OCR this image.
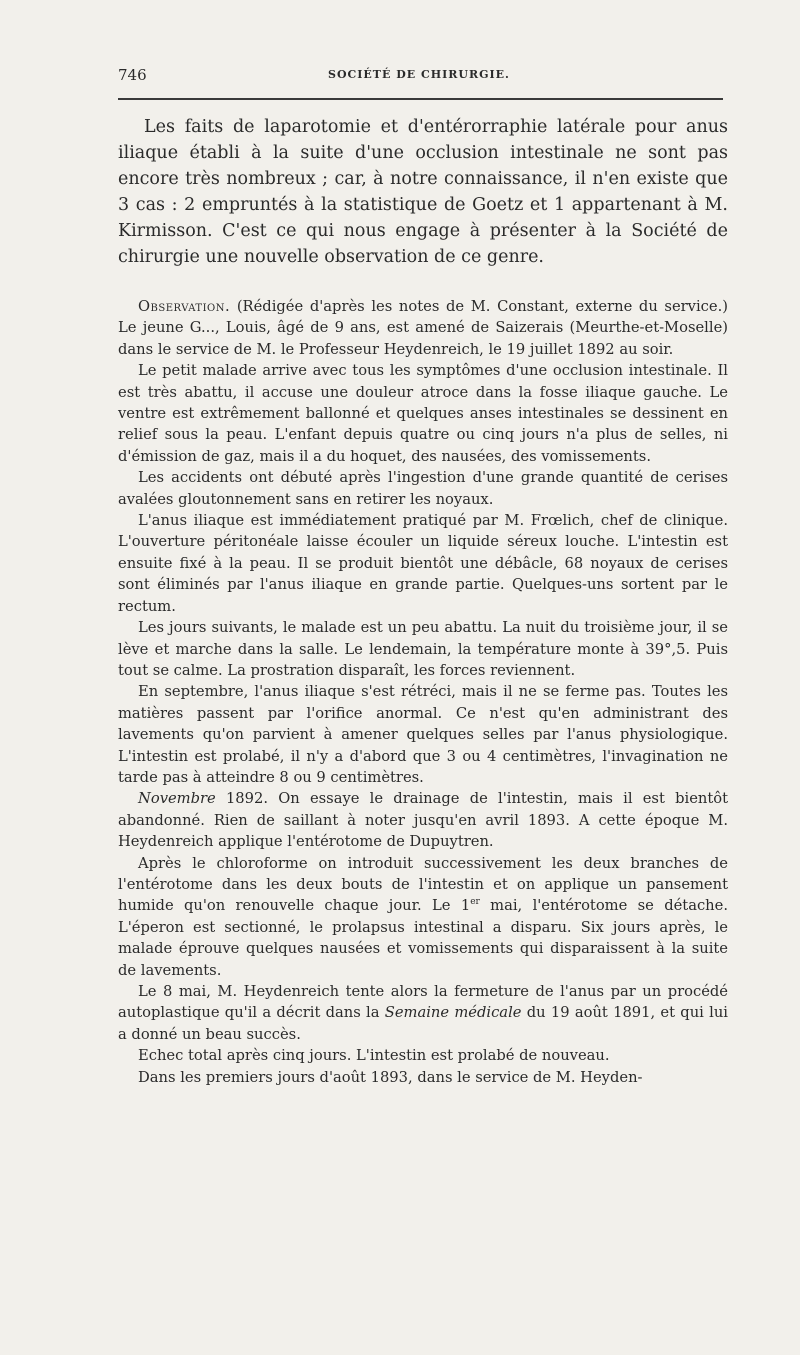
746	SOCIÉTÉ DE CHIRURGIE.

Les faits de laparotomie et d'entérorraphie latérale pour anus iliaque établi à la suite d'une occlusion intestinale ne sont pas encore très nombreux ; car, à notre connaissance, il n'en existe que 3 cas : 2 empruntés à la statistique de Goetz et 1 appartenant à M. Kirmisson. C'est ce qui nous engage à présenter à la Société de chirurgie une nouvelle observation de ce genre.

Observation. (Rédigée d'après les notes de M. Constant, externe du service.) Le jeune G..., Louis, âgé de 9 ans, est amené de Saizerais (Meurthe-et-Moselle) dans le service de M. le Professeur Heydenreich, le 19 juillet 1892 au soir.

Le petit malade arrive avec tous les symptômes d'une occlusion intestinale. Il est très abattu, il accuse une douleur atroce dans la fosse iliaque gauche. Le ventre est extrêmement ballonné et quelques anses intestinales se dessinent en relief sous la peau. L'enfant depuis quatre ou cinq jours n'a plus de selles, ni d'émission de gaz, mais il a du hoquet, des nausées, des vomissements.

Les accidents ont débuté après l'ingestion d'une grande quantité de cerises avalées gloutonnement sans en retirer les noyaux.

L'anus iliaque est immédiatement pratiqué par M. Frœlich, chef de clinique. L'ouverture péritonéale laisse écouler un liquide séreux louche. L'intestin est ensuite fixé à la peau. Il se produit bientôt une débâcle, 68 noyaux de cerises sont éliminés par l'anus iliaque en grande partie. Quelques-uns sortent par le rectum.

Les jours suivants, le malade est un peu abattu. La nuit du troisième jour, il se lève et marche dans la salle. Le lendemain, la température monte à 39°,5. Puis tout se calme. La prostration disparaît, les forces reviennent.

En septembre, l'anus iliaque s'est rétréci, mais il ne se ferme pas. Toutes les matières passent par l'orifice anormal. Ce n'est qu'en administrant des lavements qu'on parvient à amener quelques selles par l'anus physiologique. L'intestin est prolabé, il n'y a d'abord que 3 ou 4 centimètres, l'invagination ne tarde pas à atteindre 8 ou 9 centimètres.

Novembre 1892. On essaye le drainage de l'intestin, mais il est bientôt abandonné. Rien de saillant à noter jusqu'en avril 1893. A cette époque M. Heydenreich applique l'entérotome de Dupuytren.

Après le chloroforme on introduit successivement les deux branches de l'entérotome dans les deux bouts de l'intestin et on applique un pansement humide qu'on renouvelle chaque jour. Le 1er mai, l'entérotome se détache. L'éperon est sectionné, le prolapsus intestinal a disparu. Six jours après, le malade éprouve quelques nausées et vomissements qui disparaissent à la suite de lavements.

Le 8 mai, M. Heydenreich tente alors la fermeture de l'anus par un procédé autoplastique qu'il a décrit dans la Semaine médicale du 19 août 1891, et qui lui a donné un beau succès.

Echec total après cinq jours. L'intestin est prolabé de nouveau.

Dans les premiers jours d'août 1893, dans le service de M. Heyden-
